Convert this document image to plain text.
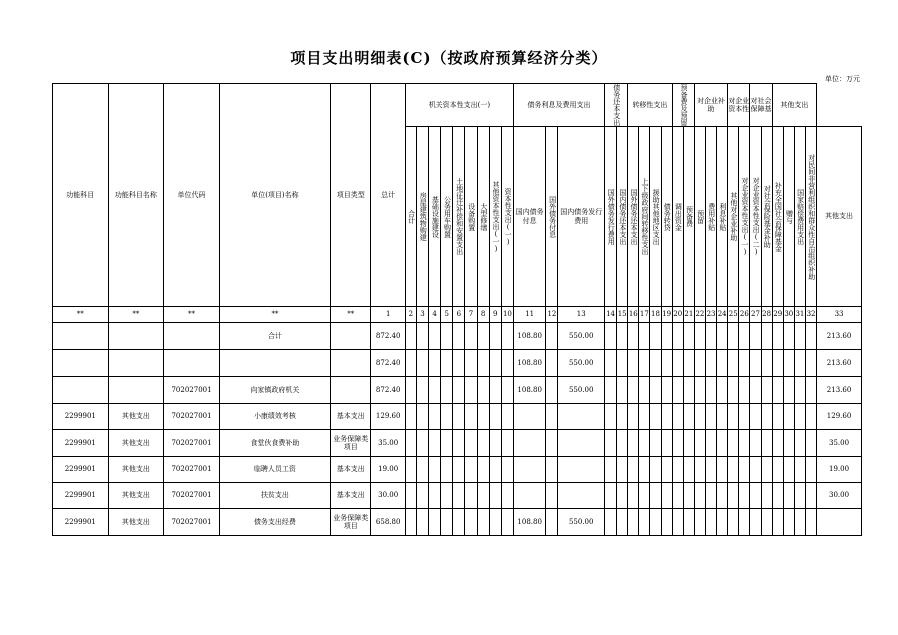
项目支出明细表(C)（按政府预算经济分类）
单位：万元
功能科目	功能科目名称	单位代码	单位(项目)名称	项目类型	总计	机关资本性支出(一)									债务利息及费用支出			债务还本支出		转移性支出				预备费及预留		对企业补助			对企业资本性		对社会保障基		其他支出				

						合计	房屋建筑物购建	基础设施建设	公务用车购置	土地征迁补偿和安置支出	设备购置	大型修缮	其他资本性支出(一)	资本性支出(一)	国内债务付息	国外债务付息	国内债务发行费用	国外债务发行费用	国内债务还本支出	国外债务还本支出	上下级政府间转移性支出	援助其他地区支出	债务转贷	调出资金	预备费	预留	费用补贴	利息补贴	其他对企业补助	对企业资本性支出(一)	对企业资本性支出(二)	对社会保险基金补助	补充全国社会保障基金	赠与	国家赔偿费用支出	对民间非营利组织和群众性自治组织补助	其他支出
**	**	**	**	**	1	2	3	4	5	6	7	8	9	10	11	12	13	14	15	16	17	18	19	20	21	22	23	24	25	26	27	28	29	30	31	32	33
			合计		872.40										108.80		550.00																				213.60
					872.40										108.80		550.00																				213.60
		702027001	向家镇政府机关		872.40										108.80		550.00																				213.60
2299901	其他支出	702027001	小康绩效考核	基本支出	129.60																																129.60
2299901	其他支出	702027001	食堂伙食费补助	业务保障类项目	35.00																																35.00
2299901	其他支出	702027001	临聘人员工资	基本支出	19.00																																19.00
2299901	其他支出	702027001	扶贫支出	基本支出	30.00																																30.00
2299901	其他支出	702027001	债务支出经费	业务保障类项目	658.80										108.80		550.00																				
